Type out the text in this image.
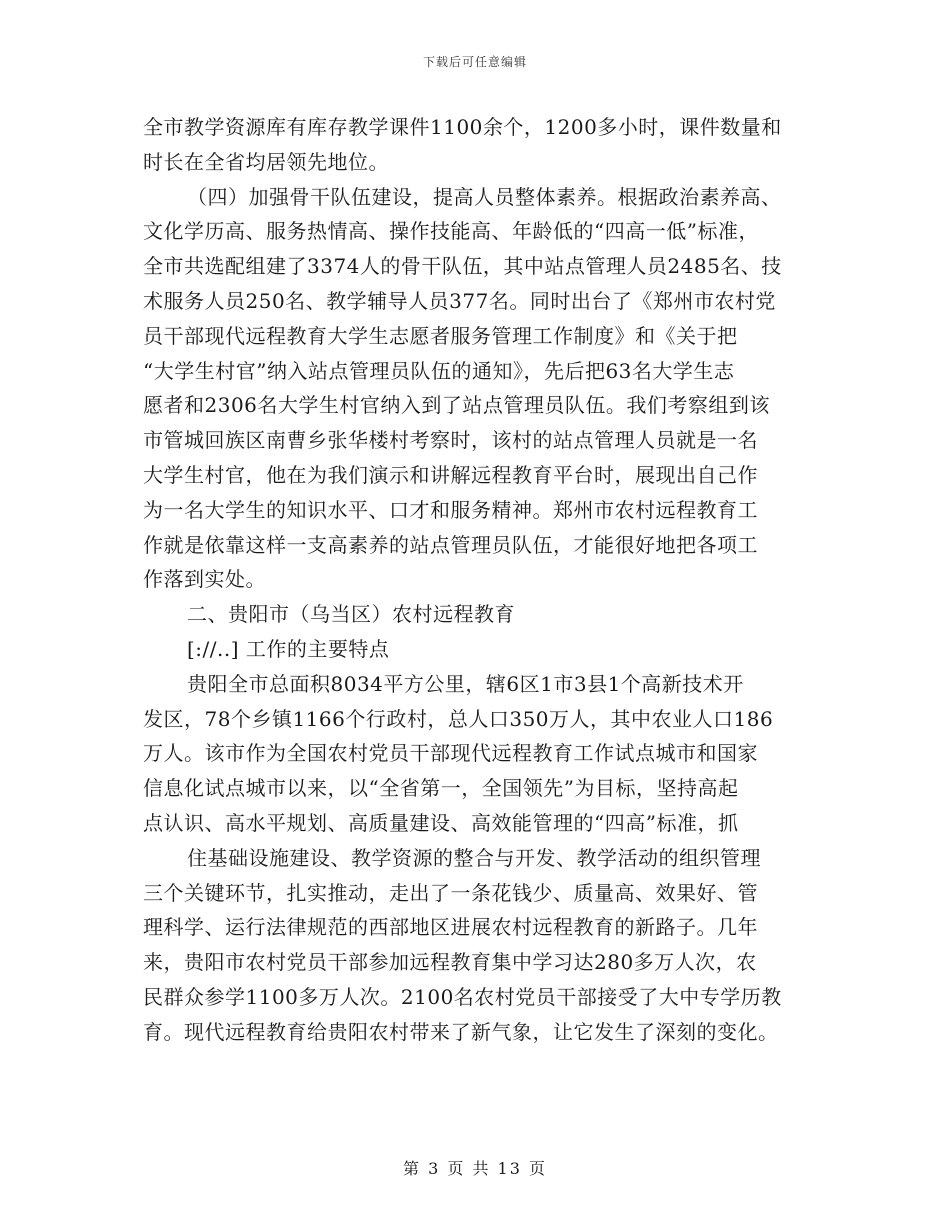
下载后可任意编辑
全市教学资源库有库存教学课件1100余个，1200多小时，课件数量和
时长在全省均居领先地位。
（四）加强骨干队伍建设，提高人员整体素养。根据政治素养高、
文化学历高、服务热情高、操作技能高、年龄低的“四高一低”标准，
全市共选配组建了3374人的骨干队伍，其中站点管理人员2485名、技
术服务人员250名、教学辅导人员377名。同时出台了《郑州市农村党
员干部现代远程教育大学生志愿者服务管理工作制度》和《关于把
“大学生村官”纳入站点管理员队伍的通知》，先后把63名大学生志
愿者和2306名大学生村官纳入到了站点管理员队伍。我们考察组到该
市管城回族区南曹乡张华楼村考察时，该村的站点管理人员就是一名
大学生村官，他在为我们演示和讲解远程教育平台时，展现出自己作
为一名大学生的知识水平、口才和服务精神。郑州市农村远程教育工
作就是依靠这样一支高素养的站点管理员队伍，才能很好地把各项工
作落到实处。
二、贵阳市（乌当区）农村远程教育
[://..] 工作的主要特点
贵阳全市总面积8034平方公里，辖6区1市3县1个高新技术开
发区，78个乡镇1166个行政村，总人口350万人，其中农业人口186
万人。该市作为全国农村党员干部现代远程教育工作试点城市和国家
信息化试点城市以来，以“全省第一，全国领先”为目标，坚持高起
点认识、高水平规划、高质量建设、高效能管理的“四高”标准，抓
住基础设施建设、教学资源的整合与开发、教学活动的组织管理
三个关键环节，扎实推动，走出了一条花钱少、质量高、效果好、管
理科学、运行法律规范的西部地区进展农村远程教育的新路子。几年
来，贵阳市农村党员干部参加远程教育集中学习达280多万人次，农
民群众参学1100多万人次。2100名农村党员干部接受了大中专学历教
育。现代远程教育给贵阳农村带来了新气象，让它发生了深刻的变化。
第 3 页 共 13 页
